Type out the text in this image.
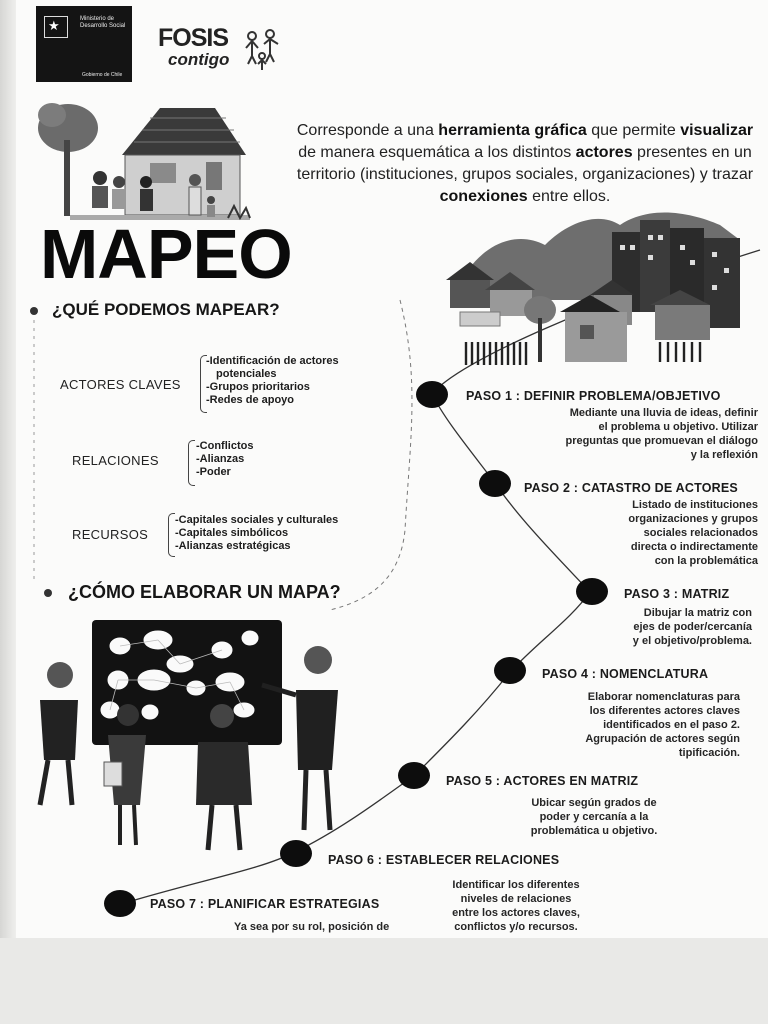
★
Ministerio de Desarrollo Social
Gobierno de Chile
FOSIS
contigo
Corresponde a una herramienta gráfica que permite visualizar de manera esquemática a los distintos actores presentes en un territorio (instituciones, grupos sociales, organizaciones) y trazar conexiones entre ellos.
MAPEO
¿QUÉ PODEMOS MAPEAR?
ACTORES CLAVES
-Identificación de actores
potenciales
-Grupos prioritarios
-Redes de apoyo
RELACIONES
-Conflictos
-Alianzas
-Poder
RECURSOS
-Capitales sociales y culturales
-Capitales simbólicos
-Alianzas estratégicas
¿CÓMO ELABORAR UN MAPA?
PASO 1 : DEFINIR PROBLEMA/OBJETIVO
Mediante una lluvia de ideas, definir
el problema u objetivo. Utilizar
preguntas que promuevan el diálogo
y la reflexión
PASO 2 : CATASTRO DE ACTORES
Listado de instituciones
organizaciones y grupos
sociales relacionados
directa o indirectamente
con la problemática
PASO 3 : MATRIZ
Dibujar la matriz con
ejes de poder/cercanía
y el objetivo/problema.
PASO 4 : NOMENCLATURA
Elaborar nomenclaturas para
los diferentes actores claves
identificados en el paso 2.
Agrupación de actores según
tipificación.
PASO 5 : ACTORES EN MATRIZ
Ubicar según grados de
poder y cercanía a la
problemática u objetivo.
PASO 6 : ESTABLECER RELACIONES
Identificar los diferentes
niveles de relaciones
entre los actores claves,
conflictos y/o recursos.
PASO 7 : PLANIFICAR ESTRATEGIAS
Ya sea por su rol, posición de
